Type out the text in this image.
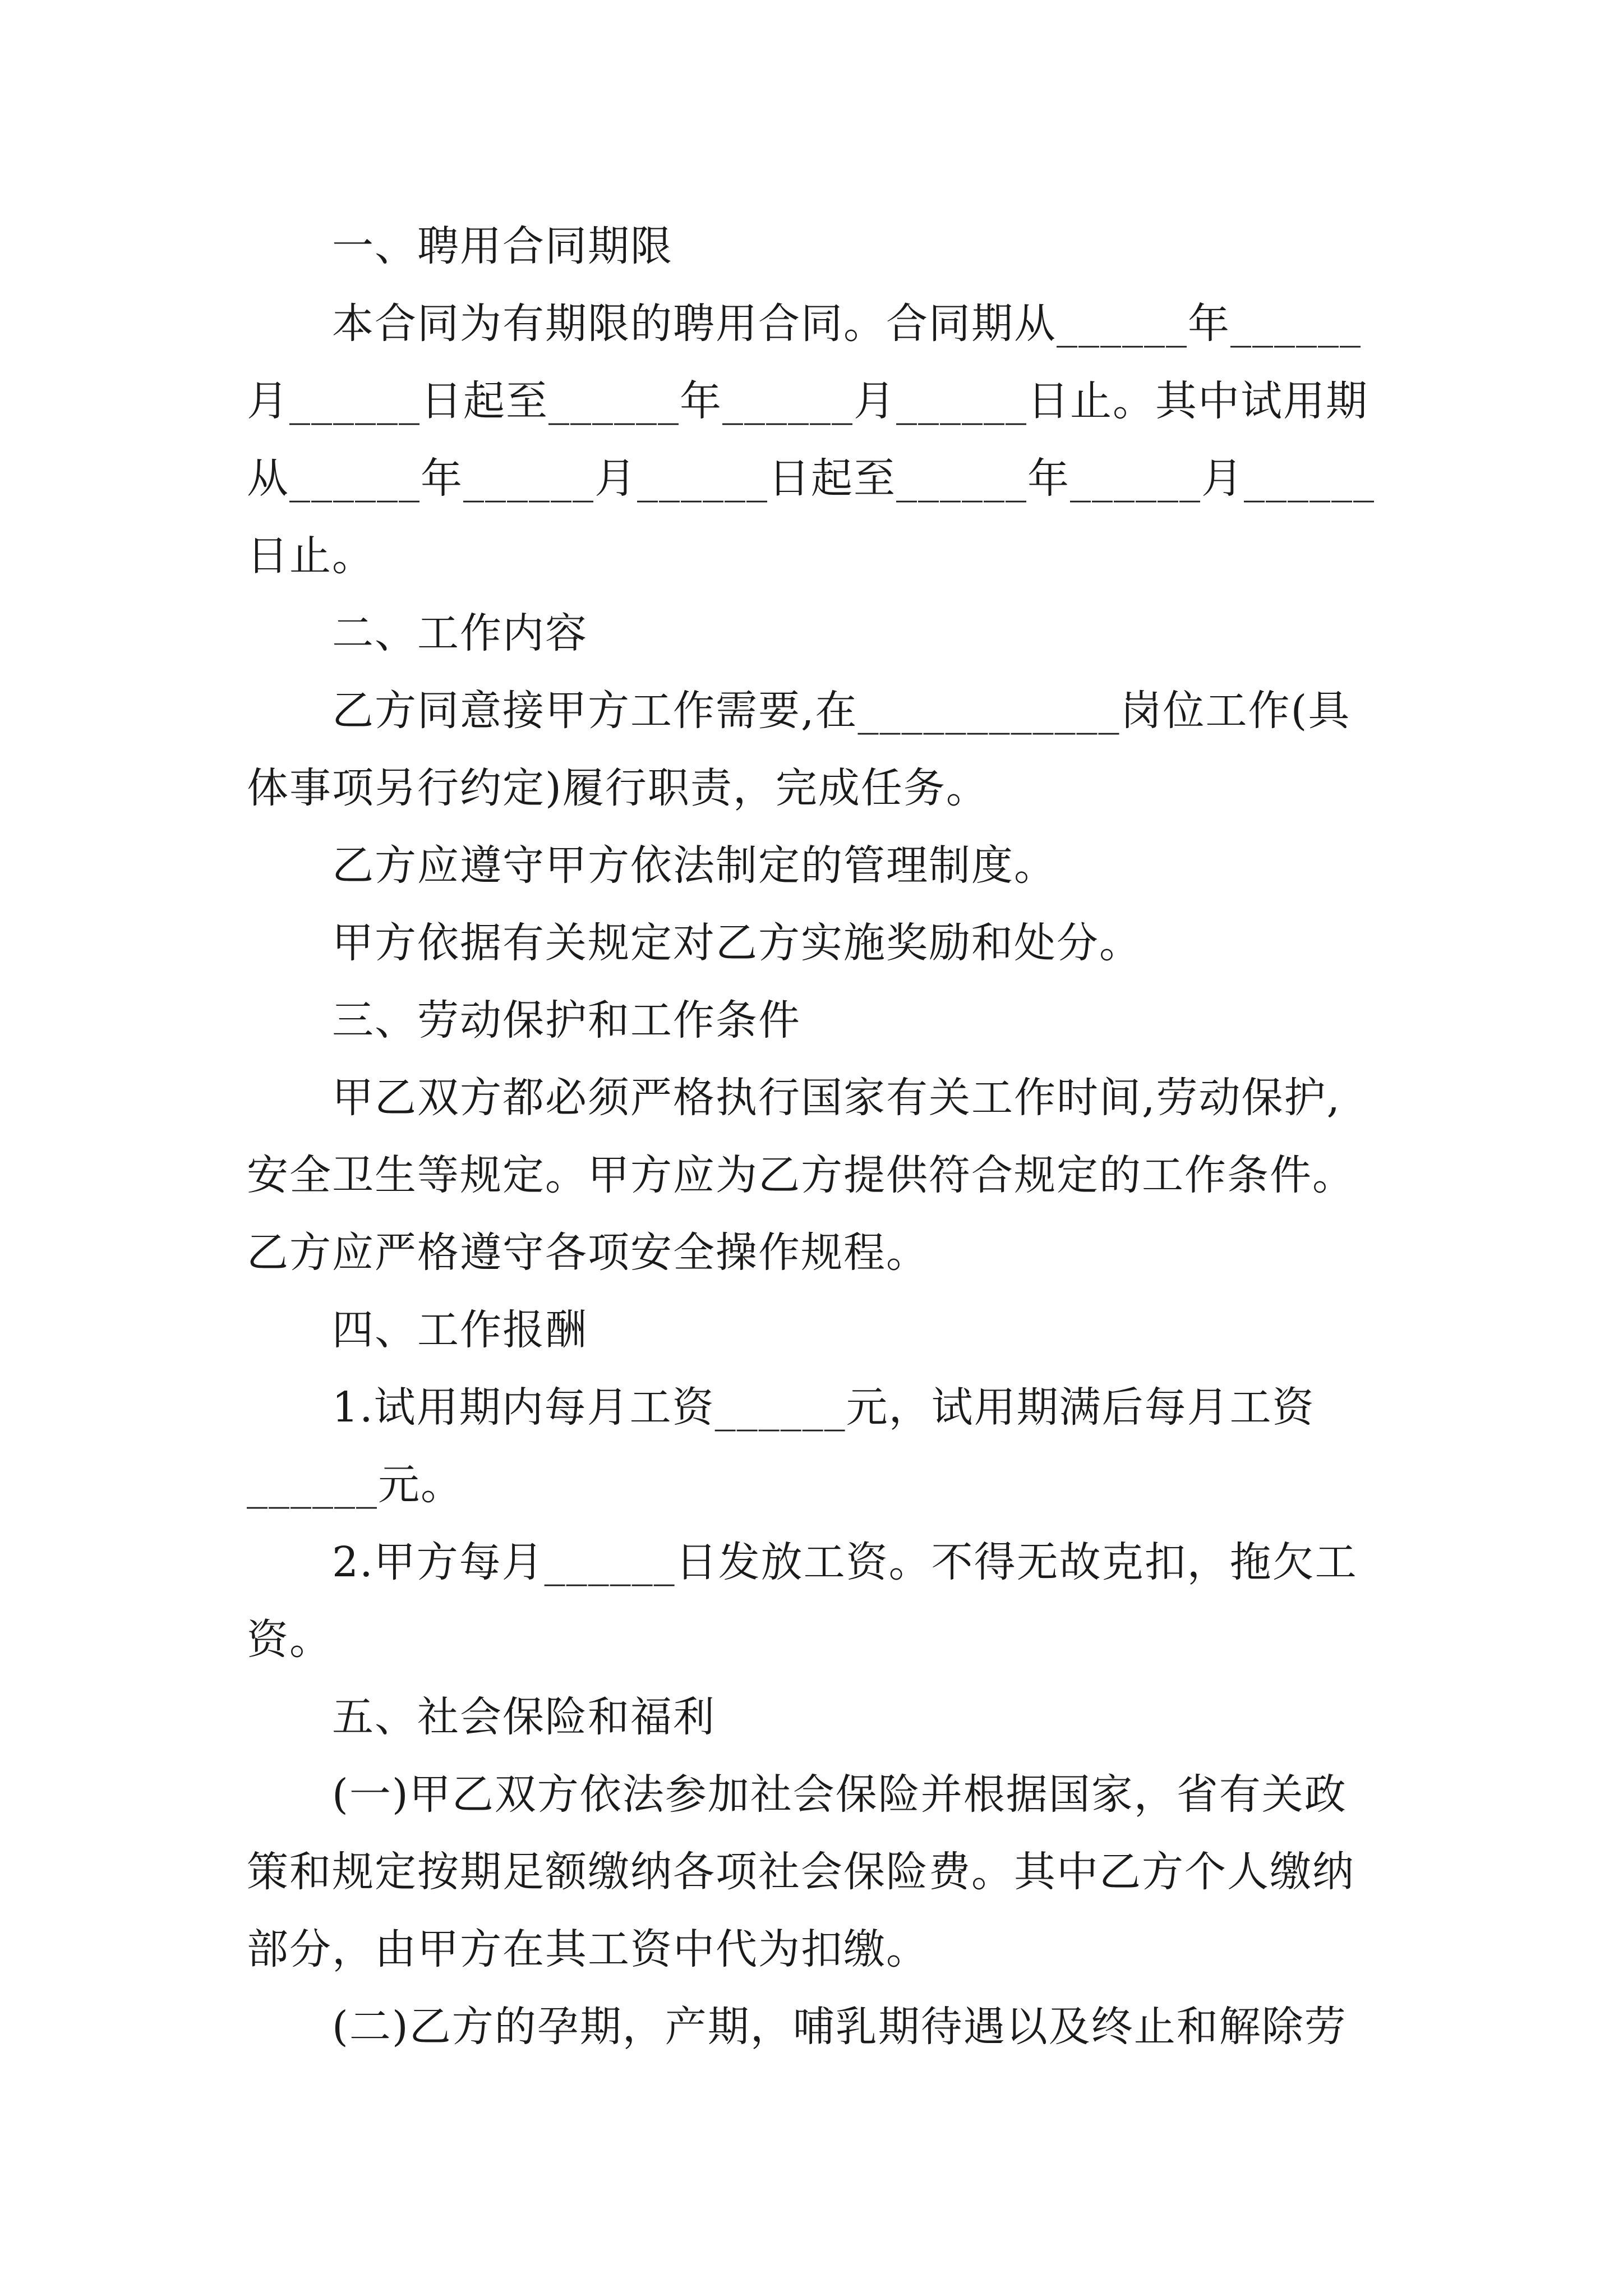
一、聘用合同期限
本合同为有期限的聘用合同。合同期从______年______
月______日起至______年______月______日止。其中试用期
从______年______月______日起至______年______月______
日止。
二、工作内容
乙方同意接甲方工作需要,在____________岗位工作(具
体事项另行约定)履行职责，完成任务。
乙方应遵守甲方依法制定的管理制度。
甲方依据有关规定对乙方实施奖励和处分。
三、劳动保护和工作条件
甲乙双方都必须严格执行国家有关工作时间,劳动保护,
安全卫生等规定。甲方应为乙方提供符合规定的工作条件。
乙方应严格遵守各项安全操作规程。
四、工作报酬
1.试用期内每月工资______元，试用期满后每月工资
______元。
2.甲方每月______日发放工资。不得无故克扣，拖欠工
资。
五、社会保险和福利
(一)甲乙双方依法参加社会保险并根据国家，省有关政
策和规定按期足额缴纳各项社会保险费。其中乙方个人缴纳
部分，由甲方在其工资中代为扣缴。
(二)乙方的孕期，产期，哺乳期待遇以及终止和解除劳
